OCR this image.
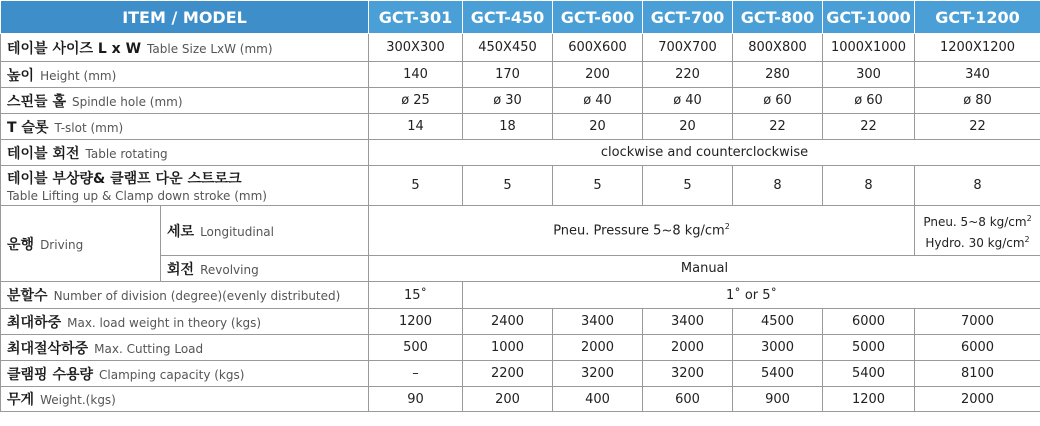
ITEM / MODEL		GCT-301	GCT-450	GCT-600	GCT-700	GCT-800	GCT-1000	GCT-1200
테이블 사이즈 L x W Table Size LxW (mm)		300X300	450X450	600X600	700X700	800X800	1000X1000	1200X1200
높이 Height (mm)		140	170	200	220	280	300	340
스핀들 홀 Spindle hole (mm)		ø 25	ø 30	ø 40	ø 40	ø 60	ø 60	ø 80
T 슬롯 T-slot (mm)		14	18	20	20	22	22	22
테이블 회전 Table rotating		clockwise and counterclockwise						
테이블 부상량& 클램프 다운 스트로크
Table Lifting up & Clamp down stroke (mm)		5	5	5	5	8	8	8
운행 Driving	세로 Longitudinal	Pneu. Pressure 5~8 $kg/cm^2$						Pneu. 5~8 $kg/cm^2$
Hydro. 30 $kg/cm^2$
	회전 Revolving	Manual						
분할수 Number of division (degree)(evenly distributed)		15˚	1˚ or 5˚					
최대하중 Max. load weight in theory (kgs)		1200	2400	3400	3400	4500	6000	7000
최대절삭하중 Max. Cutting Load		500	1000	2000	2000	3000	5000	6000
클램핑 수용량 Clamping capacity (kgs)		–	2200	3200	3200	5400	5400	8100
무게 Weight.(kgs)		90	200	400	600	900	1200	2000
